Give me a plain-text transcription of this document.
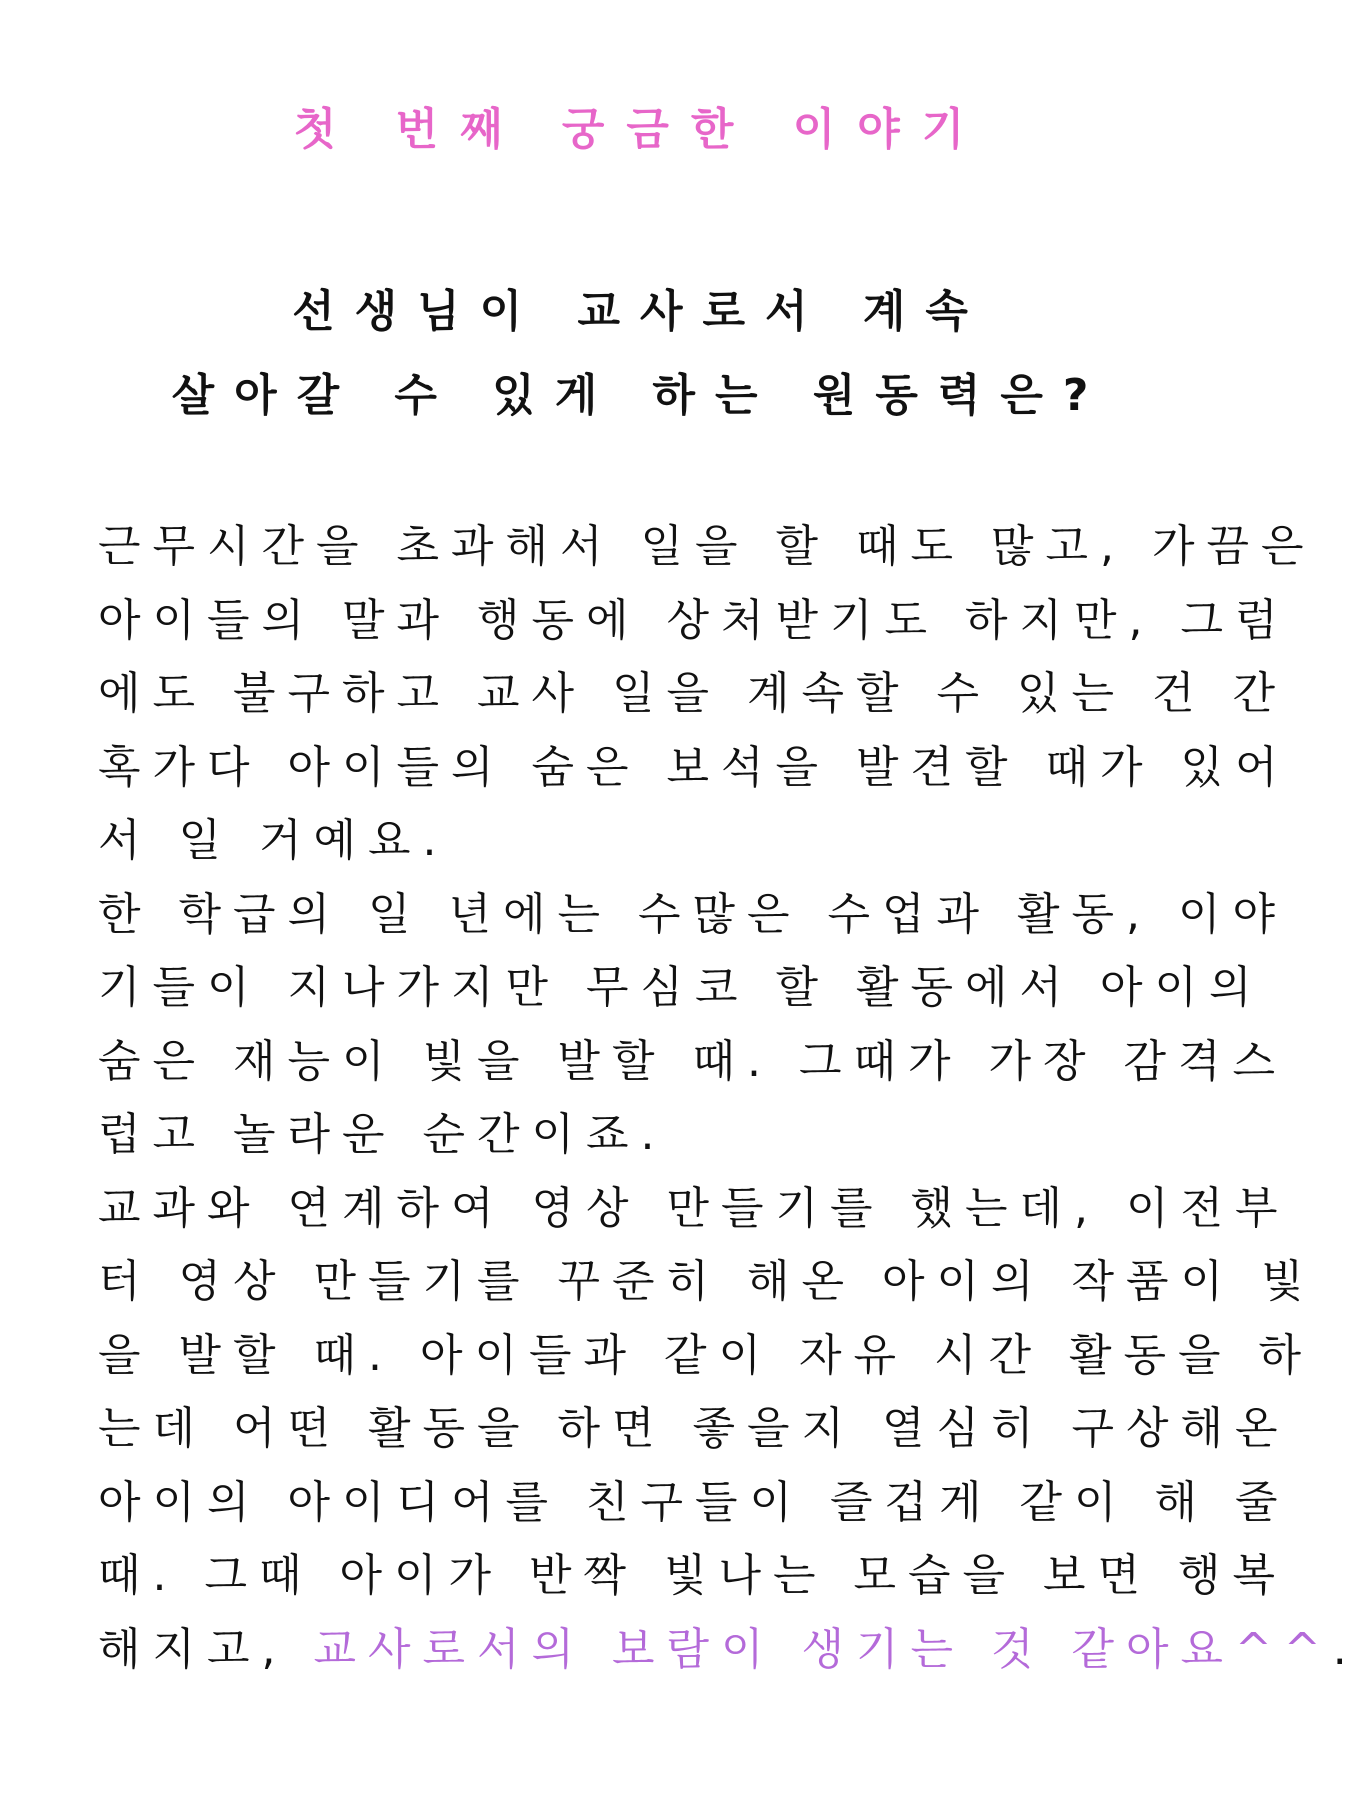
첫 번째 궁금한 이야기
선생님이 교사로서 계속
살아갈 수 있게 하는 원동력은?
근무시간을 초과해서 일을 할 때도 많고, 가끔은
아이들의 말과 행동에 상처받기도 하지만, 그럼
에도 불구하고 교사 일을 계속할 수 있는 건 간
혹가다 아이들의 숨은 보석을 발견할 때가 있어
서 일 거예요.
한 학급의 일 년에는 수많은 수업과 활동, 이야
기들이 지나가지만 무심코 할 활동에서 아이의
숨은 재능이 빛을 발할 때. 그때가 가장 감격스
럽고 놀라운 순간이죠.
교과와 연계하여 영상 만들기를 했는데, 이전부
터 영상 만들기를 꾸준히 해온 아이의 작품이 빛
을 발할 때. 아이들과 같이 자유 시간 활동을 하
는데 어떤 활동을 하면 좋을지 열심히 구상해온
아이의 아이디어를 친구들이 즐겁게 같이 해 줄
때. 그때 아이가 반짝 빛나는 모습을 보면 행복
해지고, 교사로서의 보람이 생기는 것 같아요^^.
